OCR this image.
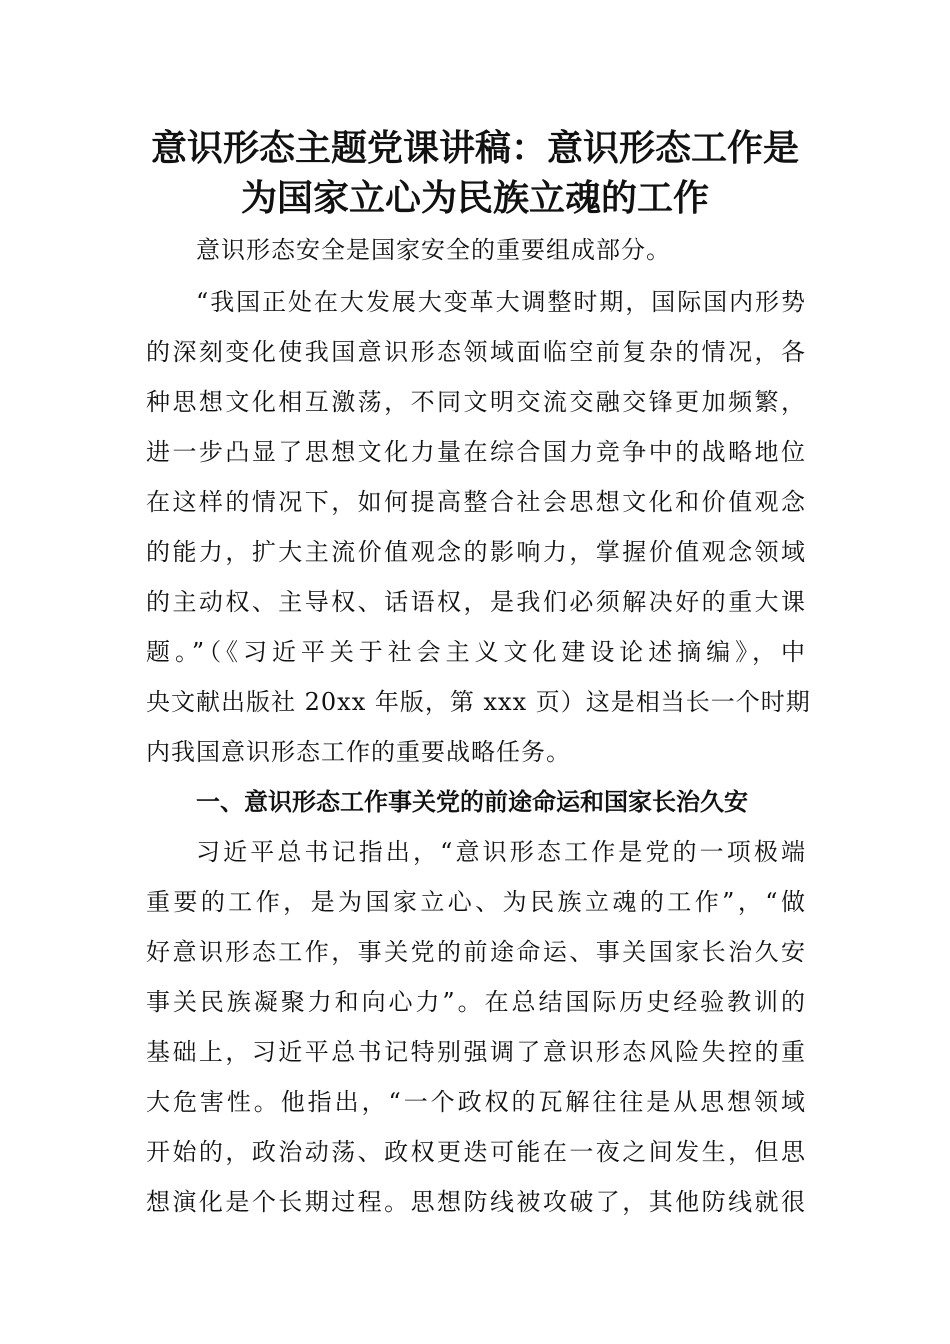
意识形态主题党课讲稿：意识形态工作是
为国家立心为民族立魂的工作
意识形态安全是国家安全的重要组成部分。
“我国正处在大发展大变革大调整时期，国际国内形势
的深刻变化使我国意识形态领域面临空前复杂的情况，各
种思想文化相互激荡，不同文明交流交融交锋更加频繁，
进一步凸显了思想文化力量在综合国力竞争中的战略地位
在这样的情况下，如何提高整合社会思想文化和价值观念
的能力，扩大主流价值观念的影响力，掌握价值观念领域
的主动权、主导权、话语权，是我们必须解决好的重大课
题。”（《习近平关于社会主义文化建设论述摘编》，中
央文献出版社 20xx 年版，第 xxx 页）这是相当长一个时期
内我国意识形态工作的重要战略任务。
一、意识形态工作事关党的前途命运和国家长治久安
习近平总书记指出，“意识形态工作是党的一项极端
重要的工作，是为国家立心、为民族立魂的工作”，“做
好意识形态工作，事关党的前途命运、事关国家长治久安
事关民族凝聚力和向心力”。在总结国际历史经验教训的
基础上，习近平总书记特别强调了意识形态风险失控的重
大危害性。他指出，“一个政权的瓦解往往是从思想领域
开始的，政治动荡、政权更迭可能在一夜之间发生，但思
想演化是个长期过程。思想防线被攻破了，其他防线就很
